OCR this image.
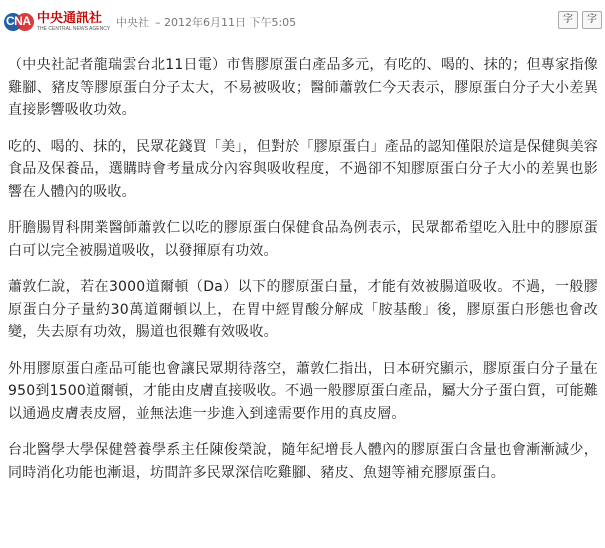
CNA 中央通訊社
THE CENTRAL NEWS AGENCY 中央社 – 2012年6月11日 下午5:05	字	字

（中央社記者龍瑞雲台北11日電）市售膠原蛋白產品多元，有吃的、喝的、抹的；但專家指像雞腳、豬皮等膠原蛋白分子太大，不易被吸收；醫師蕭敦仁今天表示，膠原蛋白分子大小差異直接影響吸收功效。

吃的、喝的、抹的，民眾花錢買「美」，但對於「膠原蛋白」產品的認知僅限於這是保健與美容食品及保養品，選購時會考量成分內容與吸收程度，不過卻不知膠原蛋白分子大小的差異也影響在人體內的吸收。

肝膽腸胃科開業醫師蕭敦仁以吃的膠原蛋白保健食品為例表示，民眾都希望吃入肚中的膠原蛋白可以完全被腸道吸收，以發揮原有功效。

蕭敦仁說，若在3000道爾頓（Da）以下的膠原蛋白量，才能有效被腸道吸收。不過，一般膠原蛋白分子量約30萬道爾頓以上，在胃中經胃酸分解成「胺基酸」後，膠原蛋白形態也會改變，失去原有功效，腸道也很難有效吸收。

外用膠原蛋白產品可能也會讓民眾期待落空，蕭敦仁指出，日本研究顯示，膠原蛋白分子量在950到1500道爾頓，才能由皮膚直接吸收。不過一般膠原蛋白產品，屬大分子蛋白質，可能難以通過皮膚表皮層，並無法進一步進入到達需要作用的真皮層。

台北醫學大學保健營養學系主任陳俊榮說，隨年紀增長人體內的膠原蛋白含量也會漸漸減少，同時消化功能也漸退，坊間許多民眾深信吃雞腳、豬皮、魚翅等補充膠原蛋白。
